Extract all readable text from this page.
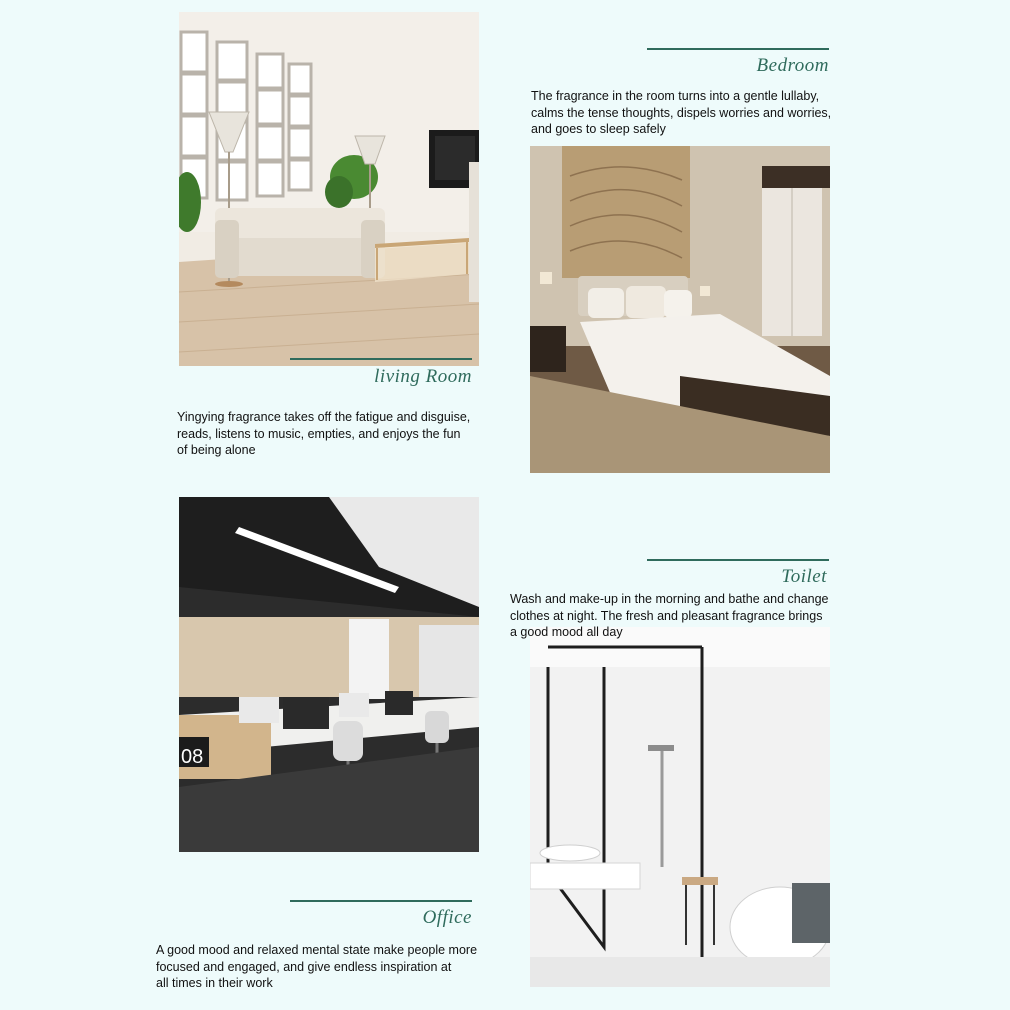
living Room
Yingying fragrance takes off the fatigue and disguise,
reads, listens to music, empties, and enjoys the fun
of being alone
Bedroom
The fragrance in the room turns into a gentle lullaby,
calms the tense thoughts, dispels worries and worries,
and goes to sleep safely
08
Office
A good mood and relaxed mental state make people more
focused and engaged, and give endless inspiration at
all times in their work
Toilet
Wash and make-up in the morning and bathe and change
clothes at night. The fresh and pleasant fragrance brings
a good mood all day
